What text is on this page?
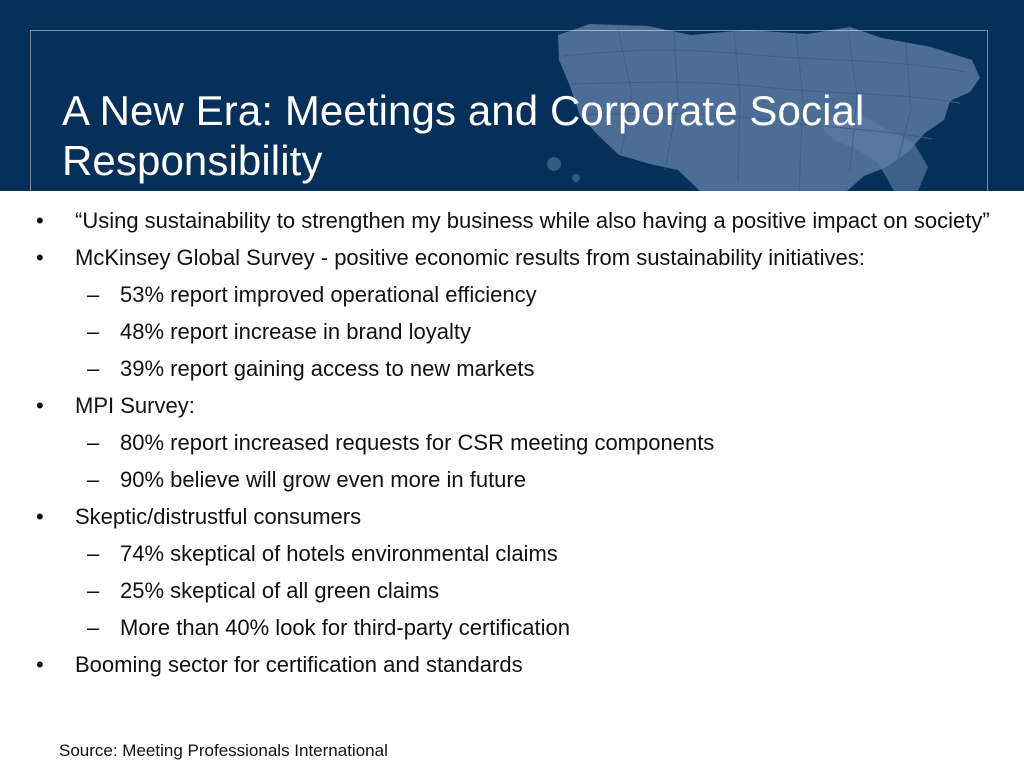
A New Era: Meetings and Corporate Social Responsibility
• “Using sustainability to strengthen my business while also having a positive impact on society”
• McKinsey Global Survey - positive economic results from sustainability initiatives:
– 53% report improved operational efficiency
– 48% report increase in brand loyalty
– 39% report gaining access to new markets
• MPI Survey:
– 80% report increased requests for CSR meeting components
– 90% believe will grow even more in future
• Skeptic/distrustful consumers
– 74% skeptical of hotels environmental claims
– 25% skeptical of all green claims
– More than 40% look for third-party certification
• Booming sector for certification and standards
Source: Meeting Professionals International
